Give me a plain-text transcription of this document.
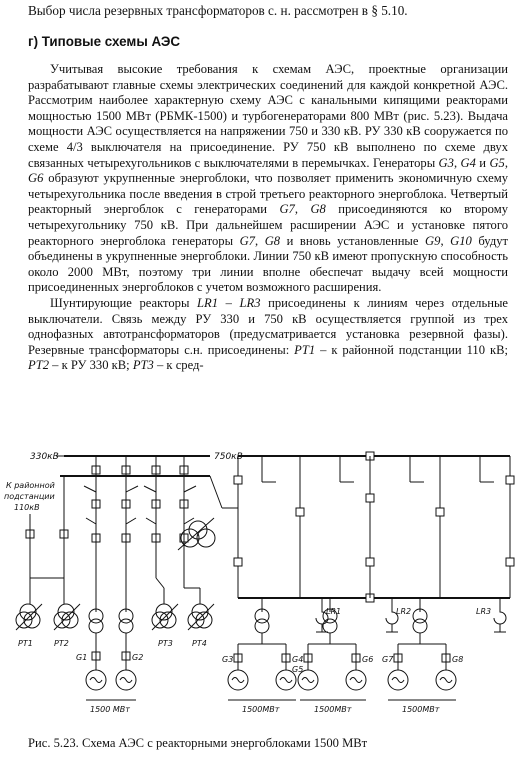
Выбор числа резервных трансформаторов с. н. рассмотрен в § 5.10.
г) Типовые схемы АЭС

Учитывая высокие требования к схемам АЭС, проектные организации разрабатывают главные схемы электрических соединений для каждой конкретной АЭС. Рассмотрим наиболее характерную схему АЭС с канальными кипящими реакторами мощностью 1500 МВт (РБМК-1500) и турбогенераторами 800 МВт (рис. 5.23). Выдача мощности АЭС осуществляется на напряжении 750 и 330 кВ. РУ 330 кВ сооружается по схеме 4/3 выключателя на присоединение. РУ 750 кВ выполнено по схеме двух связанных четырехугольников с выключателями в перемычках. Генераторы G3, G4 и G5, G6 образуют укрупненные энергоблоки, что позволяет применить экономичную схему четырехугольника после введения в строй третьего реакторного энергоблока. Четвертый реакторный энергоблок с генераторами G7, G8 присоединяются ко второму четырехугольнику 750 кВ. При дальнейшем расширении АЭС и установке пятого реакторного энергоблока генераторы G7, G8 и вновь установленные G9, G10 будут объединены в укрупненные энергоблоки. Линии 750 кВ имеют пропускную способность около 2000 МВт, поэтому три линии вполне обеспечат выдачу всей мощности присоединенных энергоблоков с учетом возможного расширения.

Шунтирующие реакторы LR1 – LR3 присоединены к линиям через отдельные выключатели. Связь между РУ 330 и 750 кВ осуществляется группой из трех однофазных автотрансформаторов (предусматривается установка резервной фазы). Резервные трансформаторы с.н. присоединены: РТ1 – к районной подстанции 110 кВ; РТ2 – к РУ 330 кВ; РТ3 – к сред-

330кВ
К районной
подстанции
110кВ
РТ1	РТ2	РТ3 РТ4
G1	G2
1500 МВт
750кВ
LR1	LR2	LR3
G3	G4
G5
G6 G7	G8
1500МВт	1500МВт	1500МВт
Рис. 5.23. Схема АЭС с реакторными энергоблоками 1500 МВт
